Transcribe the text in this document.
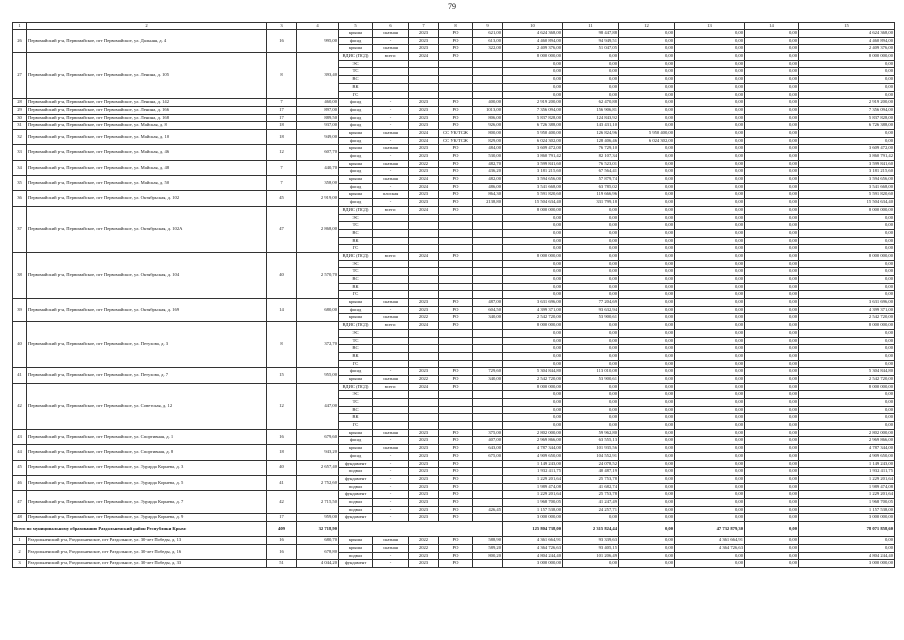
79
1	2	3	4	5	6	7	8	9	10	11	12	13	14	15
26	Первомайский р-н, Первомайское, пгт Первомайское, ул. Дальняя, д. 4	16	995,00	крыша	скатная	2023	РО	621,00	4 624 368,00	98 447,88	0,00	0,00	0,00	4 624 368,00
				фасад	-	2023	РО	613,00	4 460 894,00	94 949,51	0,00	0,00	0,00	4 460 894,00
				крыша	скатная	2023	РО	322,00	2 409 376,00	51 047,05	0,00	0,00	0,00	2 409 376,00
27	Первомайский р-н, Первомайское, пгт Первомайское, ул. Ленина, д. 105	8	393,40	ВДИС (ПСД)	всего:	2024	РО		8 000 000,00	0,00	0,00	0,00	0,00	8 000 000,00
				ЭС					0,00	0,00	0,00	0,00	0,00	0,00
				ТС					0,00	0,00	0,00	0,00	0,00	0,00
				ВС					0,00	0,00	0,00	0,00	0,00	0,00
				ВК					0,00	0,00	0,00	0,00	0,00	0,00
				ГС					0,00	0,00	0,00	0,00	0,00	0,00
28	Первомайский р-н, Первомайское, пгт Первомайское, ул. Ленина, д. 142	7	460,00	фасад	-	2023	РО	400,00	2 919 200,00	62 470,88	0,00	0,00	0,00	2 919 200,00
29	Первомайский р-н, Первомайское, пгт Первомайское, ул. Ленина, д. 166	17	897,00	фасад	-	2023	РО	1013,00	7 356 094,00	156 906,81	0,00	0,00	0,00	7 356 094,00
30	Первомайский р-н, Первомайское, пгт Первомайское, ул. Ленина, д. 168	17	889,50	фасад	-	2023	РО	806,00	5 837 828,00	124 843,92	0,00	0,00	0,00	5 837 828,00
31	Первомайский р-н, Первомайское, пгт Первомайское, ул. Майская, д. 8	18	937,00	фасад	-	2023	РО	926,00	6 726 388,00	143 431,10	0,00	0,00	0,00	6 726 388,00
32	Первомайский р-н, Первомайское, пгт Первомайское, ул. Майская, д. 10	18	949,00	крыша	скатная	2024	СС УК/ТСЖ	800,00	5 950 400,00	126 824,96	5 950 400,00	0,00	0,00	0,00
				фасад	-	2024	СС УК/ТСЖ	829,00	6 024 302,00	128 406,46	6 024 302,00	0,00	0,00	0,00
33	Первомайский р-н, Первомайское, пгт Первомайское, ул. Майская, д. 46	12	607,70	крыша	скатная	2023	РО	484,00	3 609 472,00	76 729,10	0,00	0,00	0,00	3 609 472,00
				фасад	-	2023	РО	530,00	3 860 791,42	82 107,34	0,00	0,00	0,00	3 860 791,42
34	Первомайский р-н, Первомайское, пгт Первомайское, ул. Майская, д. 48	7	440,70	крыша	скатная	2022	РО	482,70	3 599 841,60	76 523,01	0,00	0,00	0,00	3 599 841,60
				фасад	-	2023	РО	436,20	3 181 215,60	67 564,41	0,00	0,00	0,00	3 181 215,60
35	Первомайский р-н, Первомайское, пгт Первомайское, ул. Майская, д. 50	7	358,00	крыша	скатная	2024	РО	482,00	3 594 656,00	57 879,74	0,00	0,00	0,00	3 594 656,00
				фасад	-	2024	РО	486,00	3 541 668,00	63 785,02	0,00	0,00	0,00	3 541 668,00
36	Первомайский р-н, Первомайское, пгт Первомайское, ул. Октябрьская, д. 102	45	2 919,00	крыша	плоская	2023	РО	864,30	5 591 820,60	119 666,96	0,00	0,00	0,00	5 591 820,60
				фасад	-	2023	РО	2138,80	15 504 634,40	331 799,18	0,00	0,00	0,00	15 504 634,40
37	Первомайский р-н, Первомайское, пгт Первомайское, ул. Октябрьская, д. 102А	47	2 868,00	ВДИС (ПСД)	всего:	2024	РО		8 000 000,00	0,00	0,00	0,00	0,00	8 000 000,00
				ЭС					0,00	0,00	0,00	0,00	0,00	0,00
				ТС					0,00	0,00	0,00	0,00	0,00	0,00
				ВС					0,00	0,00	0,00	0,00	0,00	0,00
				ВК					0,00	0,00	0,00	0,00	0,00	0,00
				ГС					0,00	0,00	0,00	0,00	0,00	0,00
38	Первомайский р-н, Первомайское, пгт Первомайское, ул. Октябрьская, д. 104	40	2 570,70	ВДИС (ПСД)	всего:	2024	РО		8 000 000,00	0,00	0,00	0,00	0,00	8 000 000,00
				ЭС					0,00	0,00	0,00	0,00	0,00	0,00
				ТС					0,00	0,00	0,00	0,00	0,00	0,00
				ВС					0,00	0,00	0,00	0,00	0,00	0,00
				ВК					0,00	0,00	0,00	0,00	0,00	0,00
				ГС					0,00	0,00	0,00	0,00	0,00	0,00
39	Первомайский р-н, Первомайское, пгт Первомайское, ул. Октябрьская, д. 169	14	680,00	крыша	скатная	2023	РО	487,00	3 631 696,00	77 204,69	0,00	0,00	0,00	3 631 696,00
				фасад	-	2023	РО	604,50	4 399 371,00	93 632,94	0,00	0,00	0,00	4 399 371,00
				крыша	скатная	2022	РО	340,00	2 542 720,00	53 900,61	0,00	0,00	0,00	2 542 720,00
40	Первомайский р-н, Первомайское, пгт Первомайское, ул. Петухова, д. 3	8	372,70	ВДИС (ПСД)	всего:	2024	РО		8 000 000,00	0,00	0,00	0,00	0,00	8 000 000,00
				ЭС					0,00	0,00	0,00	0,00	0,00	0,00
				ТС					0,00	0,00	0,00	0,00	0,00	0,00
				ВС					0,00	0,00	0,00	0,00	0,00	0,00
				ВК					0,00	0,00	0,00	0,00	0,00	0,00
				ГС					0,00	0,00	0,00	0,00	0,00	0,00
41	Первомайский р-н, Первомайское, пгт Первомайское, ул. Петухова, д. 7	15	955,00	фасад	-	2023	РО	729,60	5 304 844,80	113 010,08	0,00	0,00	0,00	5 304 844,80
				крыша	скатная	2022	РО	340,00	2 542 720,00	53 900,61	0,00	0,00	0,00	2 542 720,00
42	Первомайский р-н, Первомайское, пгт Первомайское, ул. Советская, д. 12	12	447,00	ВДИС (ПСД)	всего:	2024	РО		8 000 000,00	0,00	0,00	0,00	0,00	8 000 000,00
				ЭС					0,00	0,00	0,00	0,00	0,00	0,00
				ТС					0,00	0,00	0,00	0,00	0,00	0,00
				ВС					0,00	0,00	0,00	0,00	0,00	0,00
				ВК					0,00	0,00	0,00	0,00	0,00	0,00
				ГС					0,00	0,00	0,00	0,00	0,00	0,00
43	Первомайский р-н, Первомайское, пгт Первомайское, ул. Спортивная, д. 1	16	679,60	крыша	скатная	2023	РО	375,00	2 802 000,00	59 962,80	0,00	0,00	0,00	2 802 000,00
				фасад	-	2023	РО	407,00	2 969 866,00	63 555,13	0,00	0,00	0,00	2 969 866,00
44	Первомайский р-н, Первомайское, пгт Первомайское, ул. Спортивная, д. 8	18	943,20	крыша	скатная	2023	РО	643,00	4 787 344,00	101 935,56	0,00	0,00	0,00	4 787 344,00
				фасад	-	2023	РО	675,00	4 909 650,00	104 552,91	0,00	0,00	0,00	4 909 650,00
45	Первомайский р-н, Первомайское, пгт Первомайское, ул. Эдуарда Корнева, д. 3	40	2 657,40	фундамент	-	2023	РО		1 149 243,00	24 078,52	0,00	0,00	0,00	1 149 243,00
				подвал	-	2023	РО		1 932 411,75	40 487,19	0,00	0,00	0,00	1 932 411,75
46	Первомайский р-н, Первомайское, пгт Первомайское, ул. Эдуарда Корнева, д. 5	41	2 752,60	фундамент	-	2023	РО		1 229 201,64	25 753,78	0,00	0,00	0,00	1 229 201,64
				подвал	-	2023	РО		1 989 474,08	41 682,74	0,00	0,00	0,00	1 989 474,08
47	Первомайский р-н, Первомайское, пгт Первомайское, ул. Эдуарда Корнева, д. 7	42	2 715,50	фундамент	-	2023	РО		1 229 201,64	25 753,78	0,00	0,00	0,00	1 229 201,64
				подвал	-	2023	РО		1 968 700,05	41 247,49	0,00	0,00	0,00	1 968 700,05
				подвал	-	2023	РО	426,45	1 157 538,00	24 257,71	0,00	0,00	0,00	1 157 538,00
48	Первомайский р-н, Первомайское, пгт Первомайское, ул. Эдуарда Корнева, д. 9	17	959,00	фундамент	-	2023	РО		3 000 000,00	0,00	0,00	0,00	0,00	3 000 000,00
Всего по муниципальному образованию Раздольненский район Республики Крым:		409	32 718,90						125 804 738,00	2 315 824,44	0,00	47 732 879,30	0,00	78 071 858,60
1	Раздольненский р-н, Раздольненское, пгт Раздольное, ул. 30-лет Победы, д. 13	16	680,70	крыша	скатная	2022	РО	588,90	4 361 664,91	93 339,63	0,00	4 361 664,91	0,00	0,00
2	Раздольненский р-н, Раздольненское, пгт Раздольное, ул. 30-лет Победы, д. 16	16	678,80	крыша	скатная	2022	РО	589,20	4 364 726,63	93 405,15	0,00	4 364 726,63	0,00	0,00
				подвал	-	2023	РО	800,20	4 804 244,40	101 206,49	0,00	0,00	0,00	4 804 244,40
3	Раздольненский р-н, Раздольненское, пгт Раздольное, ул. 30-лет Победы, д. 33	51	4 044,20	фундамент	-	2023	РО		3 000 000,00	0,00	0,00	0,00	0,00	3 000 000,00
